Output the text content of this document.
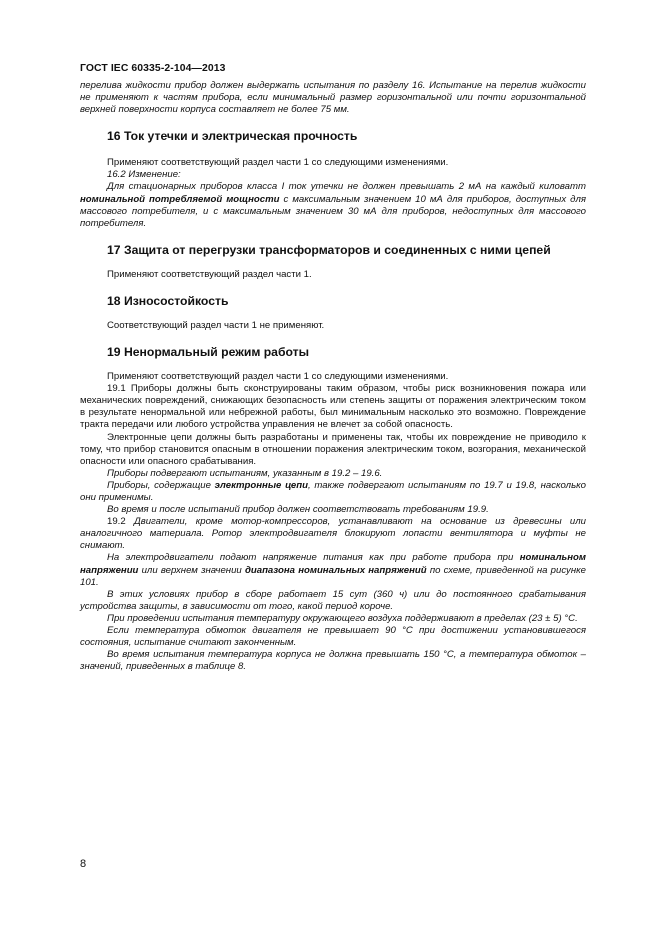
ГОСТ IEC 60335-2-104—2013

перелива жидкости прибор должен выдержать испытания по разделу 16. Испытание на перелив жидкости не применяют к частям прибора, если минимальный размер горизонтальной или почти горизонтальной верхней поверхности корпуса составляет не более 75 мм.

16 Ток утечки и электрическая прочность

Применяют соответствующий раздел части 1 со следующими изменениями.

16.2 Изменение:

Для стационарных приборов класса I ток утечки не должен превышать 2 мА на каждый киловатт номинальной потребляемой мощности с максимальным значением 10 мА для приборов, доступных для массового потребителя, и с максимальным значением 30 мА для приборов, недоступных для массового потребителя.

17 Защита от перегрузки трансформаторов и соединенных с ними цепей

Применяют соответствующий раздел части 1.

18 Износостойкость

Соответствующий раздел части 1 не применяют.

19 Ненормальный режим работы

Применяют соответствующий раздел части 1 со следующими изменениями.

19.1 Приборы должны быть сконструированы таким образом, чтобы риск возникновения пожара или механических повреждений, снижающих безопасность или степень защиты от поражения электрическим током в результате ненормальной или небрежной работы, был минимальным насколько это возможно. Повреждение тракта передачи или любого устройства управления не влечет за собой опасность.

Электронные цепи должны быть разработаны и применены так, чтобы их повреждение не приводило к тому, что прибор становится опасным в отношении поражения электрическим током, возгорания, механической опасности или опасного срабатывания.

Приборы подвергают испытаниям, указанным в 19.2 – 19.6.

Приборы, содержащие электронные цепи, также подвергают испытаниям по 19.7 и 19.8, насколько они применимы.

Во время и после испытаний прибор должен соответствовать требованиям 19.9.

19.2 Двигатели, кроме мотор-компрессоров, устанавливают на основание из древесины или аналогичного материала. Ротор электродвигателя блокируют лопасти вентилятора и муфты не снимают.

На электродвигатели подают напряжение питания как при работе прибора при номинальном напряжении или верхнем значении диапазона номинальных напряжений по схеме, приведенной на рисунке 101.

В этих условиях прибор в сборе работает 15 сут (360 ч) или до постоянного срабатывания устройства защиты, в зависимости от того, какой период короче.

При проведении испытания температуру окружающего воздуха поддерживают в пределах (23 ± 5) °С.

Если температура обмоток двигателя не превышает 90 °С при достижении установившегося состояния, испытание считают законченным.

Во время испытания температура корпуса не должна превышать 150 °С, а температура обмоток – значений, приведенных в таблице 8.

8
